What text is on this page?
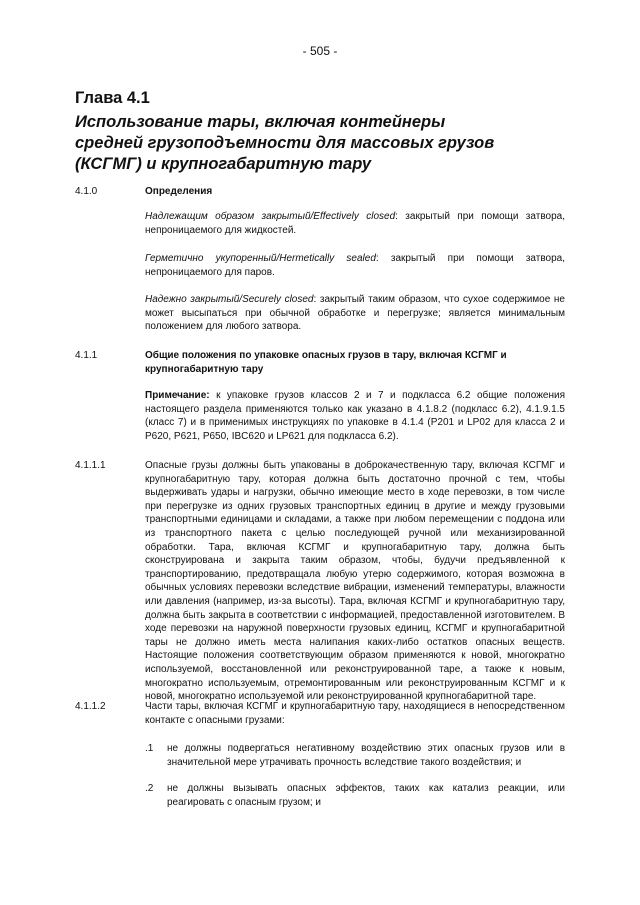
- 505 -
Глава 4.1
Использование тары, включая контейнеры средней грузоподъемности для массовых грузов (КСГМГ) и крупногабаритную тару
4.1.0	Определения
Надлежащим образом закрытый/Effectively closed: закрытый при помощи затвора, непроницаемого для жидкостей.
Герметично укупоренный/Hermetically sealed: закрытый при помощи затвора, непроницаемого для паров.
Надежно закрытый/Securely closed: закрытый таким образом, что сухое содержимое не может высыпаться при обычной обработке и перегрузке; является минимальным положением для любого затвора.
4.1.1	Общие положения по упаковке опасных грузов в тару, включая КСГМГ и крупногабаритную тару
Примечание: к упаковке грузов классов 2 и 7 и подкласса 6.2 общие положения настоящего раздела применяются только как указано в 4.1.8.2 (подкласс 6.2), 4.1.9.1.5 (класс 7) и в применимых инструкциях по упаковке в 4.1.4 (Р201 и LP02 для класса 2 и Р620, Р621, Р650, IBC620 и LP621 для подкласса 6.2).
4.1.1.1	Опасные грузы должны быть упакованы в доброкачественную тару, включая КСГМГ и крупногабаритную тару, которая должна быть достаточно прочной с тем, чтобы выдерживать удары и нагрузки, обычно имеющие место в ходе перевозки, в том числе при перегрузке из одних грузовых транспортных единиц в другие и между грузовыми транспортными единицами и складами, а также при любом перемещении с поддона или из транспортного пакета с целью последующей ручной или механизированной обработки. Тара, включая КСГМГ и крупногабаритную тару, должна быть сконструирована и закрыта таким образом, чтобы, будучи предъявленной к транспортированию, предотвращала любую утерю содержимого, которая возможна в обычных условиях перевозки вследствие вибрации, изменений температуры, влажности или давления (например, из-за высоты). Тара, включая КСГМГ и крупногабаритную тару, должна быть закрыта в соответствии с информацией, предоставленной изготовителем. В ходе перевозки на наружной поверхности грузовых единиц, КСГМГ и крупногабаритной тары не должно иметь места налипания каких-либо остатков опасных веществ. Настоящие положения соответствующим образом применяются к новой, многократно используемой, восстановленной или реконструированной таре, а также к новым, многократно используемым, отремонтированным или реконструированным КСГМГ и к новой, многократно используемой или реконструированной крупногабаритной таре.
4.1.1.2	Части тары, включая КСГМГ и крупногабаритную тару, находящиеся в непосредственном контакте с опасными грузами:
.1 не должны подвергаться негативному воздействию этих опасных грузов или в значительной мере утрачивать прочность вследствие такого воздействия; и
.2 не должны вызывать опасных эффектов, таких как катализ реакции, или реагировать с опасным грузом; и
